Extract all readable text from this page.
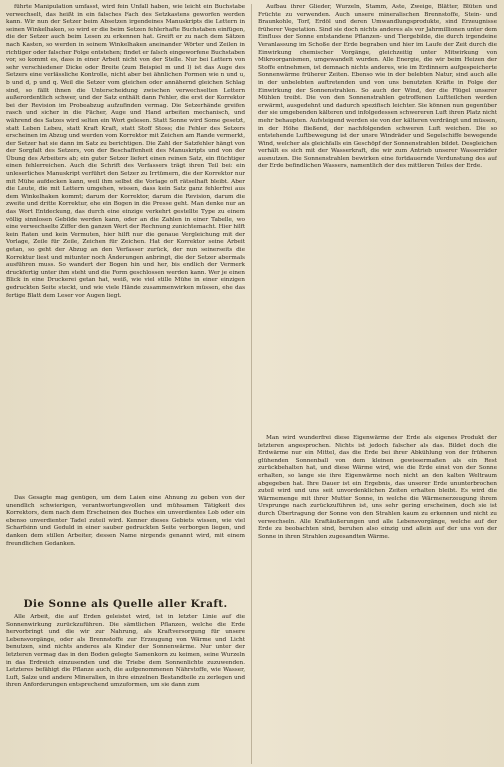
führte Manipulation umfasst, wird fein Unfall haben, wie leicht ein Buchstabe verwechselt, das heißt in ein falsches Fach des Setzkastens geworfen werden kann. Wir nun der Setzer beim Absetzen irgendeines Manuskripts die Lettern in seinen Winkelhaken, so wird er die beim Setzen fehlerhafte Buchstaben einfügen, die der Setzer auch beim Lesen zu erkennen hat. Greift er zu nach dem Sätzen nach Kasten, so werden in seinem Winkelhaken aneinander Wörter und Zeilen in richtiger oder falscher Folge entstehen; findet er falsch eingeworfene Buchstaben vor, so kommt es, dass in einer Arbeit nicht von der Stelle. Nur bei Lettern von sehr verschiedener Dicke oder Breite (zum Beispiel m und l) ist das Auge des Setzers eine verlässliche Kontrolle, nicht aber bei ähnlichen Formen wie n und u, b und d, p und q. Weil die Setzer vom gleichen oder annähernd gleichen Schlag sind, so fällt ihnen die Unterscheidung zwischen verwechselten Lettern außerordentlich schwer, und der Satz enthält dann Fehler, die erst der Korrektor bei der Revision im Probeabzug aufzufinden vermag. Die Setzerhände greifen rasch und sicher in die Fächer, Auge und Hand arbeiten mechanisch, und während des Satzes wird selten ein Wort gelesen. Statt Sonne wird Some gesetzt, statt Leben Lebeu, statt Kraft Kraſt, statt Stoff Stoss; die Fehler des Setzers erscheinen im Abzug und werden vom Korrektor mit Zeichen am Rande vermerkt, der Setzer hat sie dann im Satz zu berichtigen. Die Zahl der Satzfehler hängt von der Sorgfalt des Setzers, von der Beschaffenheit des Manuskripts und von der Übung des Arbeiters ab; ein guter Setzer liefert einen reinen Satz, ein flüchtiger einen fehlerreichen. Auch die Schrift des Verfassers trägt ihren Teil bei: ein unleserliches Manuskript verführt den Setzer zu Irrtümern, die der Korrektor nur mit Mühe aufdecken kann, weil ihm selbst die Vorlage oft rätselhaft bleibt. Aber die Leute, die mit Lettern umgehen, wissen, dass kein Satz ganz fehlerfrei aus dem Winkelhaken kommt; darum der Korrektor, darum die Revision, darum die zweite und dritte Korrektur, ehe ein Bogen in die Presse geht. Man denke nur an das Wort Entdeckung, das durch eine einzige verkehrt gestellte Type zu einem völlig sinnlosen Gebilde werden kann, oder an die Zahlen in einer Tabelle, wo eine verwechselte Ziffer den ganzen Wert der Rechnung zunichtemacht. Hier hilft kein Raten und kein Vermuten, hier hilft nur die genaue Vergleichung mit der Vorlage, Zeile für Zeile, Zeichen für Zeichen. Hat der Korrektor seine Arbeit getan, so geht der Abzug an den Verfasser zurück, der nun seinerseits die Korrektur liest und mitunter noch Änderungen anbringt, die der Setzer abermals ausführen muss. So wandert der Bogen hin und her, bis endlich der Vermerk druckfertig unter ihm steht und die Form geschlossen werden kann. Wer je einen Blick in eine Druckerei getan hat, weiß, wie viel stille Mühe in einer einzigen gedruckten Seite steckt, und wie viele Hände zusammenwirken müssen, ehe das fertige Blatt dem Leser vor Augen liegt.

Das Gesagte mag genügen, um dem Laien eine Ahnung zu geben von der unendlich schwierigen, verantwortungsvollen und mühsamen Tätigkeit des Korrektors, dem nach dem Erscheinen des Buches ein unverdientes Lob oder ein ebenso unverdienter Tadel zuteil wird. Kenner dieses Gebiets wissen, wie viel Scharfsinn und Geduld in einer sauber gedruckten Seite verborgen liegen, und danken dem stillen Arbeiter, dessen Name nirgends genannt wird, mit einem freundlichen Gedanken.

Die Sonne als Quelle aller Kraft.

Alle Arbeit, die auf Erden geleistet wird, ist in letzter Linie auf die Sonnenwirkung zurückzuführen. Die sämtlichen Pflanzen, welche die Erde hervorbringt und die wir zur Nahrung, als Kraftversorgung für unsere Lebensvorgänge, oder als Brennstoffe zur Erzeugung von Wärme und Licht benutzen, sind nichts anderes als Kinder der Sonnenwärme. Nur unter der letzteren vermag das in den Boden gelegte Samenkorn zu keimen, seine Wurzeln in das Erdreich einzusenden und die Triebe dem Sonnenlichte zuzuwenden. Letzteres befähigt die Pflanze auch, die aufgenommenen Nährstoffe, wie Wasser, Luft, Salze und andere Mineralien, in ihre einzelnen Bestandteile zu zerlegen und ihren Anforderungen entsprechend umzuformen, um sie dann zum

Aufbau ihrer Glieder, Wurzeln, Stamm, Äste, Zweige, Blätter, Blüten und Früchte zu verwenden. Auch unsere mineralischen Brennstoffe, Stein- und Braunkohle, Torf, Erdöl und deren Umwandlungsprodukte, sind Erzeugnisse früherer Vegetation. Sind sie doch nichts anderes als vor Jahrmillionen unter dem Einfluss der Sonne entstandene Pflanzen- und Tiergebilde, die durch irgendeine Veranlassung im Schoße der Erde begraben und hier im Laufe der Zeit durch die Einwirkung chemischer Vorgänge, gleichzeitig unter Mitwirkung von Mikroorganismen, umgewandelt wurden. Alle Energie, die wir beim Heizen der Stoffe entnehmen, ist demnach nichts anderes, wie im Erdinnern aufgespeicherte Sonnenwärme früherer Zeiten. Ebenso wie in der belebten Natur, sind auch alle in der unbelebten auftretenden und von uns benutzten Kräfte in Folge der Einwirkung der Sonnenstrahlen. So auch der Wind, der die Flügel unserer Mühlen treibt. Die von den Sonnenstrahlen getroffenen Luftteilchen werden erwärmt, ausgedehnt und dadurch spezifisch leichter. Sie können nun gegenüber der sie umgebenden kälteren und infolgedessen schwereren Luft ihren Platz nicht mehr behaupten. Aufsteigend werden sie von der kälteren verdrängt und müssen, in der Höhe fließend, der nachfolgenden schweren Luft weichen. Die so entstehende Luftbewegung ist der unsre Windräder und Segelschiffe bewegende Wind, welcher als gleichfalls ein Geschöpf der Sonnenstrahlen bildet. Desgleichen verhält es sich mit der Wasserkraft, die wir zum Antrieb unserer Wasserräder ausnutzen. Die Sonnenstrahlen bewirken eine fortdauernde Verdunstung des auf der Erde befindlichen Wassers, namentlich der des mittleren Teiles der Erde.

Man wird wunderfrei diese Eigenwärme der Erde als eigenes Produkt der letzteren angesprochen. Nichts ist jedoch falscher als das. Bildet doch die Erdwärme nur ein Mittel, das die Erde bei ihrer Abkühlung von der früheren glühenden Sonnenball von dem kleinen gewissermaßen als ein Rest zurückbehalten hat, und diese Wärme wird, wie die Erde einst von der Sonne erhalten, so lange sie ihre Eigenwärme noch nicht an den kalten Weltraum abgegeben hat. Ihre Dauer ist ein Ergebnis, das unserer Erde ununterbrochen zuteil wird und uns seit unvordenklichen Zeiten erhalten bleibt. Es wird die Wärmemenge mit ihrer Mutter Sonne, in welche die Wärmenerzeugung ihrem Ursprunge nach zurückzuführen ist, uns sehr gering erscheinen, doch sie ist durch Übertragung der Sonne von den Strahlen kaum zu erkennen und nicht zu verwechseln. Alle Kraftäußerungen und alle Lebensvorgänge, welche auf der Erde zu beobachten sind, beruhen also einzig und allein auf der uns von der Sonne in ihren Strahlen zugesandten Wärme.
